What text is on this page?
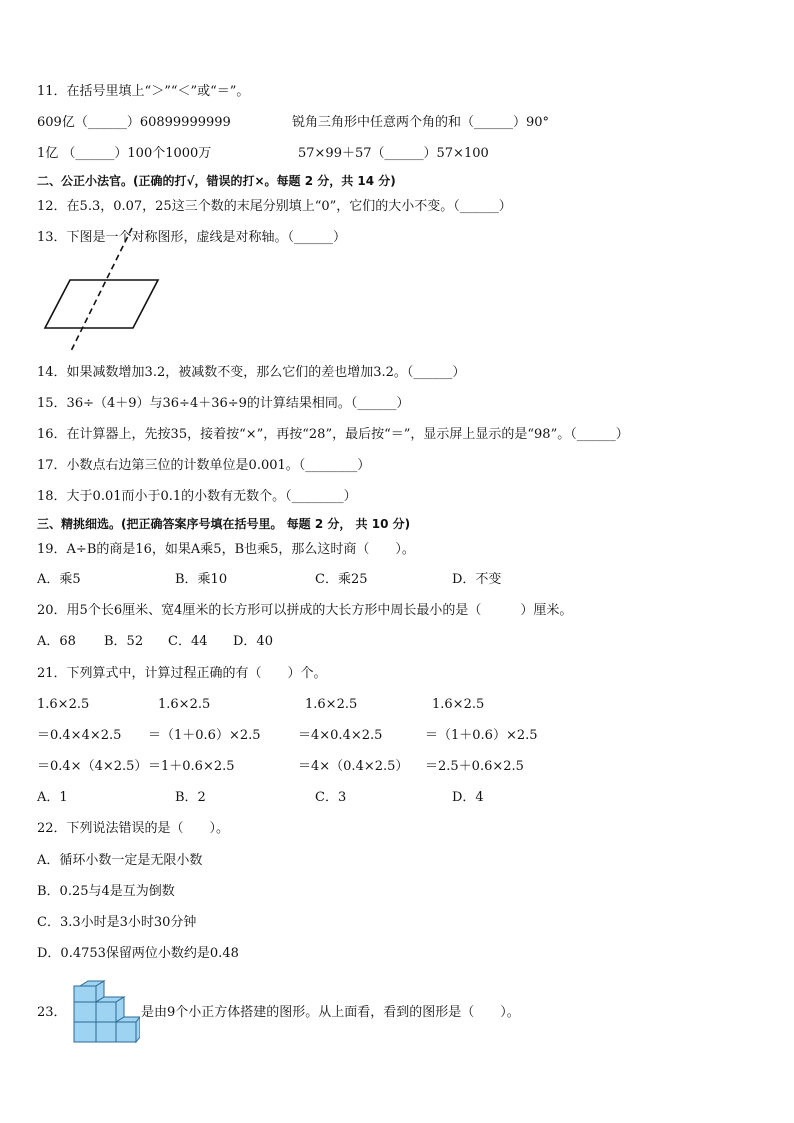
11．在括号里填上“＞”“＜”或“＝”。
609亿（______）60899999999	锐角三角形中任意两个角的和（______）90°
1亿 （______）100个1000万	57×99＋57（______）57×100
二、公正小法官。(正确的打√，错误的打×。每题 2 分，共 14 分)
12．在5.3，0.07，25这三个数的末尾分别填上“0”，它们的大小不变。（______）
13．下图是一个对称图形，虚线是对称轴。（______）
14．如果减数增加3.2，被减数不变，那么它们的差也增加3.2。（______）
15．36÷（4＋9）与36÷4＋36÷9的计算结果相同。（______）
16．在计算器上，先按35，接着按“×”，再按“28”，最后按“＝”，显示屏上显示的是“98”。（______）
17．小数点右边第三位的计数单位是0.001。（________）
18．大于0.01而小于0.1的小数有无数个。（________）
三、精挑细选。(把正确答案序号填在括号里。 每题 2 分， 共 10 分)
19．A÷B的商是16，如果A乘5，B也乘5，那么这时商（　　）。
A．乘5	B．乘10	C．乘25	D．不变
20．用5个长6厘米、宽4厘米的长方形可以拼成的大长方形中周长最小的是（　　　）厘米。
A．68 B．52 C．44 D．40
21．下列算式中，计算过程正确的有（　　）个。
1.6×2.5	1.6×2.5	1.6×2.5	1.6×2.5
＝0.4×4×2.5 ＝（1＋0.6）×2.5	＝4×0.4×2.5	＝（1＋0.6）×2.5
＝0.4×（4×2.5） ＝1＋0.6×2.5	＝4×（0.4×2.5） ＝2.5＋0.6×2.5
A．1	B．2	C．3	D．4
22．下列说法错误的是（　　）。
A．循环小数一定是无限小数
B．0.25与4是互为倒数
C．3.3小时是3小时30分钟
D．0.4753保留两位小数约是0.48
23．	是由9个小正方体搭建的图形。从上面看，看到的图形是（　　）。
